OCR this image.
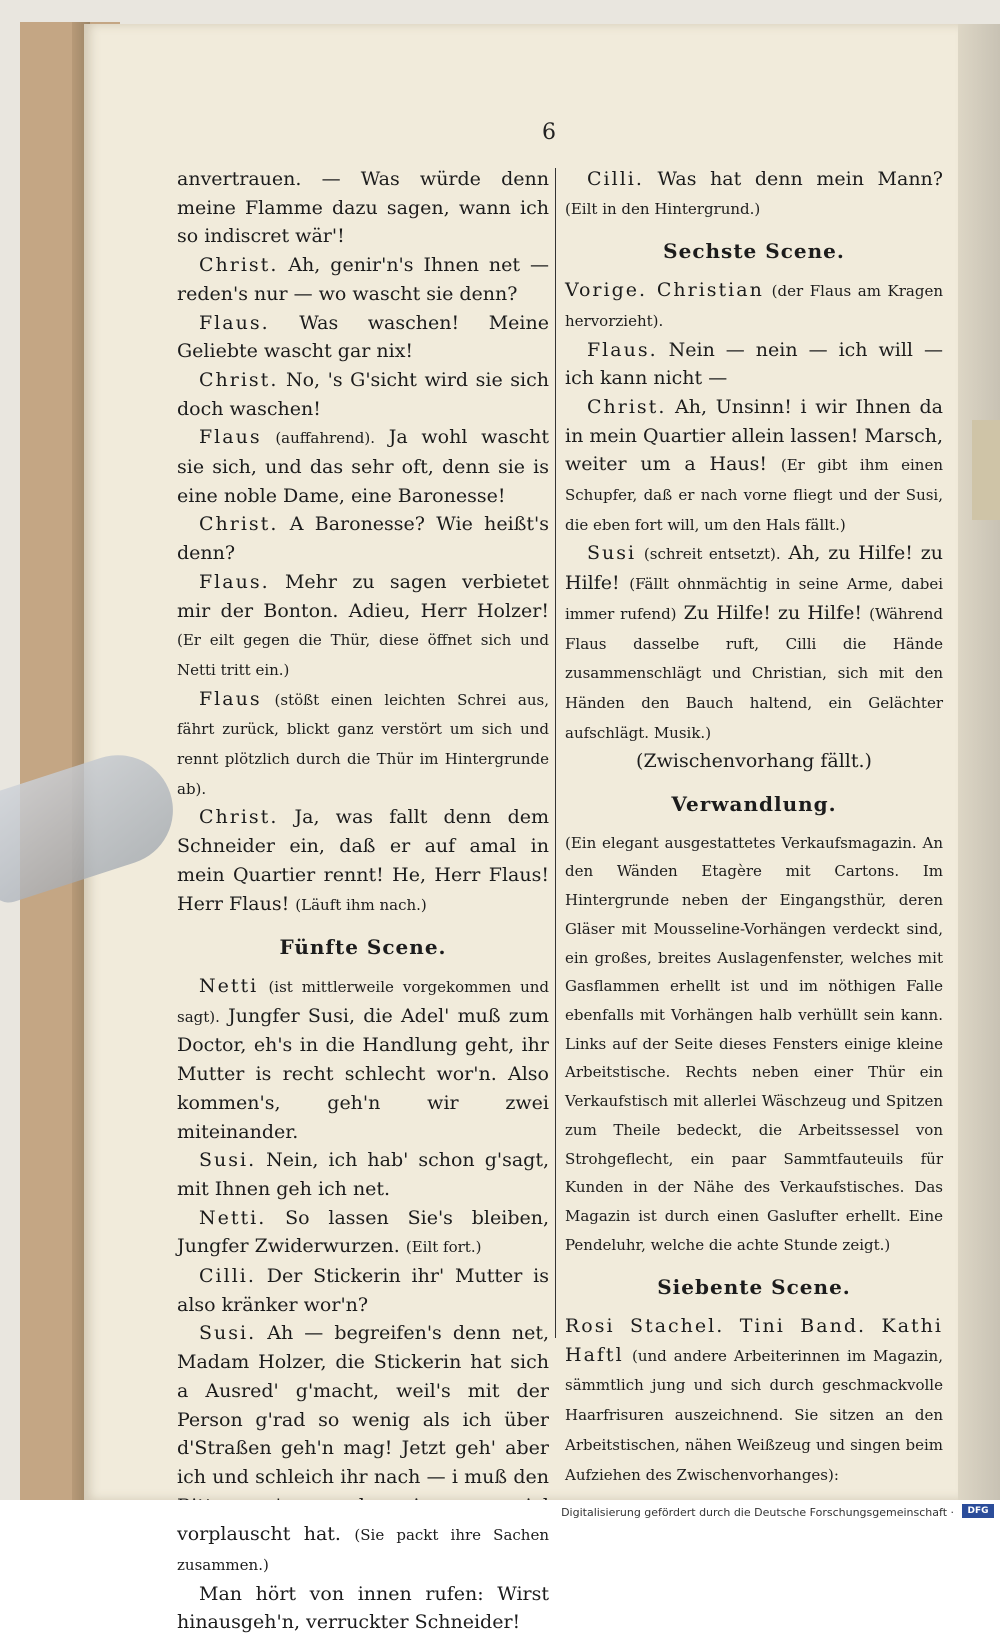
6

anvertrauen. — Was würde denn meine Flamme dazu sagen, wann ich so indiscret wär'!

Christ. Ah, genir'n's Ihnen net — reden's nur — wo wascht sie denn?

Flaus. Was waschen! Meine Geliebte wascht gar nix!

Christ. No, 's G'sicht wird sie sich doch waschen!

Flaus (auffahrend). Ja wohl wascht sie sich, und das sehr oft, denn sie is eine noble Dame, eine Baronesse!

Christ. A Baronesse? Wie heißt's denn?

Flaus. Mehr zu sagen verbietet mir der Bonton. Adieu, Herr Holzer! (Er eilt gegen die Thür, diese öffnet sich und Netti tritt ein.)

Flaus (stößt einen leichten Schrei aus, fährt zurück, blickt ganz verstört um sich und rennt plötzlich durch die Thür im Hintergrunde ab).

Christ. Ja, was fallt denn dem Schneider ein, daß er auf amal in mein Quartier rennt! He, Herr Flaus! Herr Flaus! (Läuft ihm nach.)

Fünfte Scene.

Netti (ist mittlerweile vorgekommen und sagt). Jungfer Susi, die Adel' muß zum Doctor, eh's in die Handlung geht, ihr Mutter is recht schlecht wor'n. Also kommen's, geh'n wir zwei miteinander.

Susi. Nein, ich hab' schon g'sagt, mit Ihnen geh ich net.

Netti. So lassen Sie's bleiben, Jungfer Zwiderwurzen. (Eilt fort.)

Cilli. Der Stickerin ihr' Mutter is also kränker wor'n?

Susi. Ah — begreifen's denn net, Madam Holzer, die Stickerin hat sich a Ausred' g'macht, weil's mit der Person g'rad so wenig als ich über d'Straßen geh'n mag! Jetzt geh' aber ich und schleich ihr nach — i muß den vorplauscht hat. (Sie packt ihre Sachen zusammen.)

Man hört von innen rufen: Wirst hinausgeh'n, verruckter Schneider!

Cilli. Was hat denn mein Mann? (Eilt in den Hintergrund.)

Sechste Scene.

Vorige. Christian (der Flaus am Kragen hervorzieht).

Flaus. Nein — nein — ich will — ich kann nicht —

Christ. Ah, Unsinn! i wir Ihnen da in mein Quartier allein lassen! Marsch, weiter um a Haus! (Er gibt ihm einen Schupfer, daß er nach vorne fliegt und der Susi, die eben fort will, um den Hals fällt.)

Susi (schreit entsetzt). Ah, zu Hilfe! zu Hilfe! (Fällt ohnmächtig in seine Arme, dabei immer rufend) Zu Hilfe! zu Hilfe! (Während Flaus dasselbe ruft, Cilli die Hände zusammenschlägt und Christian, sich mit den Händen den Bauch haltend, ein Gelächter aufschlägt. Musik.)

(Zwischenvorhang fällt.)

Verwandlung.

(Ein elegant ausgestattetes Verkaufsmagazin. An den Wänden Etagère mit Cartons. Im Hintergrunde neben der Eingangsthür, deren Gläser mit Mousseline-Vorhängen verdeckt sind, ein großes, breites Auslagenfenster, welches mit Gasflammen erhellt ist und im nöthigen Falle ebenfalls mit Vorhängen halb verhüllt sein kann. Links auf der Seite dieses Fensters einige kleine Arbeitstische. Rechts neben einer Thür ein Verkaufstisch mit allerlei Wäschzeug und Spitzen zum Theile bedeckt, die Arbeitssessel von Strohgeflecht, ein paar Sammtfauteuils für Kunden in der Nähe des Verkaufstisches. Das Magazin ist durch einen Gaslufter erhellt. Eine Pendeluhr, welche die achte Stunde zeigt.)

Siebente Scene.

Rosi Stachel. Tini Band. Kathi Haftl (und andere Arbeiterinnen im Magazin, sämmtlich jung und sich durch geschmackvolle Haarfrisuren auszeichnend. Sie sitzen an den Arbeitstischen, nähen Weißzeug und singen beim Aufziehen des Zwischenvorhanges):

Digitalisierung gefördert durch die Deutsche Forschungsgemeinschaft ·	DFG
